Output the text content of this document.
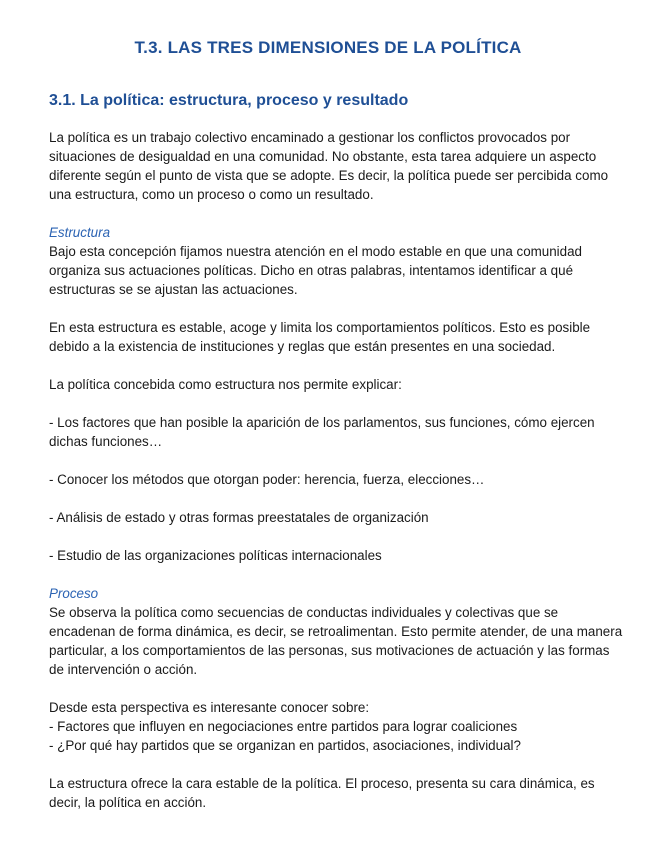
T.3. LAS TRES DIMENSIONES DE LA POLÍTICA
3.1. La política: estructura, proceso y resultado

La política es un trabajo colectivo encaminado a gestionar los conflictos provocados por situaciones de desigualdad en una comunidad. No obstante, esta tarea adquiere un aspecto diferente según el punto de vista que se adopte. Es decir, la política puede ser percibida como una estructura, como un proceso o como un resultado.

Estructura

Bajo esta concepción fijamos nuestra atención en el modo estable en que una comunidad organiza sus actuaciones políticas. Dicho en otras palabras, intentamos identificar a qué estructuras se se ajustan las actuaciones.

En esta estructura es estable, acoge y limita los comportamientos políticos. Esto es posible debido a la existencia de instituciones y reglas que están presentes en una sociedad.

La política concebida como estructura nos permite explicar:

- Los factores que han posible la aparición de los parlamentos, sus funciones, cómo ejercen dichas funciones…

- Conocer los métodos que otorgan poder: herencia, fuerza, elecciones…

- Análisis de estado y otras formas preestatales de organización

- Estudio de las organizaciones políticas internacionales

Proceso

Se observa la política como secuencias de conductas individuales y colectivas que se encadenan de forma dinámica, es decir, se retroalimentan. Esto permite atender, de una manera particular, a los comportamientos de las personas, sus motivaciones de actuación y las formas de intervención o acción.

Desde esta perspectiva es interesante conocer sobre:

- Factores que influyen en negociaciones entre partidos para lograr coaliciones

- ¿Por qué hay partidos que se organizan en partidos, asociaciones, individual?

La estructura ofrece la cara estable de la política. El proceso, presenta su cara dinámica, es decir, la política en acción.
